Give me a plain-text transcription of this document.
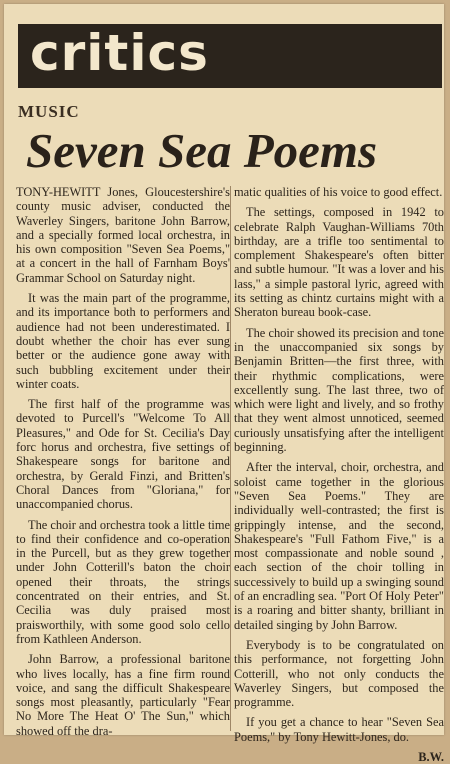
critics
MUSIC
Seven Sea Poems

TONY-HEWITT Jones, Gloucestershire's county music adviser, conducted the Waverley Singers, baritone John Barrow, and a specially formed local orchestra, in his own composition "Seven Sea Poems," at a concert in the hall of Farnham Boys' Grammar School on Saturday night.

It was the main part of the programme, and its importance both to performers and audience had not been underestimated. I doubt whether the choir has ever sung better or the audience gone away with such bubbling excitement under their winter coats.

The first half of the programme was devoted to Purcell's "Welcome To All Pleasures," and Ode for St. Cecilia's Day forc horus and orchestra, five settings of Shakespeare songs for baritone and orchestra, by Gerald Finzi, and Britten's Choral Dances from "Gloriana," for unaccompanied chorus.

The choir and orchestra took a little time to find their confidence and co-operation in the Purcell, but as they grew together under John Cotterill's baton the choir opened their throats, the strings concentrated on their entries, and St. Cecilia was duly praised most praisworthily, with some good solo cello from Kathleen Anderson.

John Barrow, a professional baritone who lives locally, has a fine firm round voice, and sang the difficult Shakespeare songs most pleasantly, particularly "Fear No More The Heat O' The Sun," which showed off the dra-

matic qualities of his voice to good effect.

The settings, composed in 1942 to celebrate Ralph Vaughan-Williams 70th birthday, are a trifle too sentimental to complement Shakespeare's often bitter and subtle humour. "It was a lover and his lass," a simple pastoral lyric, agreed with its setting as chintz curtains might with a Sheraton bureau book-case.

The choir showed its precision and tone in the unaccompanied six songs by Benjamin Britten—the first three, with their rhythmic complications, were excellently sung. The last three, two of which were light and lively, and so frothy that they went almost unnoticed, seemed curiously unsatisfying after the intelligent beginning.

After the interval, choir, orchestra, and soloist came together in the glorious "Seven Sea Poems." They are individually well-contrasted; the first is grippingly intense, and the second, Shakespeare's "Full Fathom Five," is a most compassionate and noble sound , each section of the choir tolling in successively to build up a swinging sound of an encradling sea. "Port Of Holy Peter" is a roaring and bitter shanty, brilliant in detailed singing by John Barrow.

Everybody is to be congratulated on this performance, not forgetting John Cotterill, who not only conducts the Waverley Singers, but composed the programme.

If you get a chance to hear "Seven Sea Poems," by Tony Hewitt-Jones, do.

B.W.
